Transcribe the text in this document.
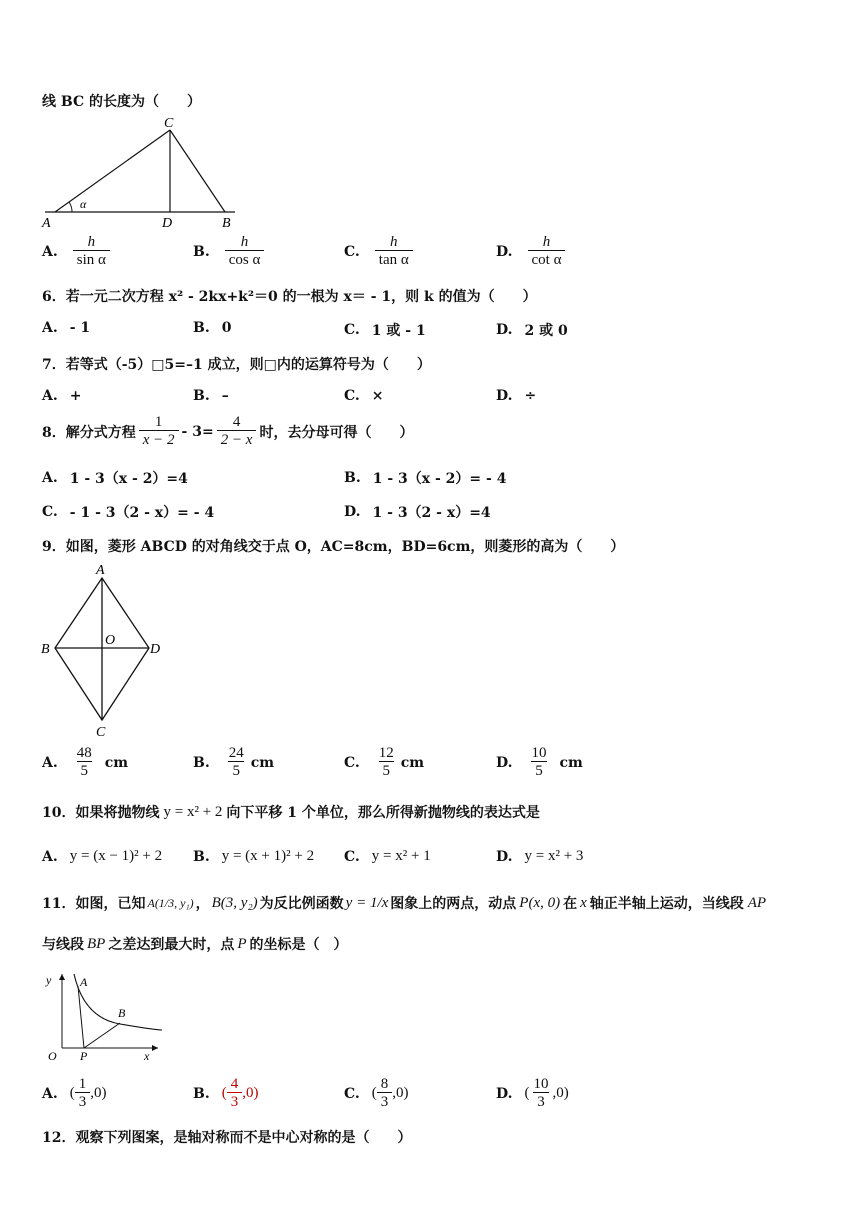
线 BC 的长度为（　　）
C
A	D	B
α
A. $\frac{h}{\text{sin α}}$	B. $\frac{h}{\text{cos α}}$	C. $\frac{h}{\text{tan α}}$	D. $\frac{h}{\text{cot α}}$
6．若一元二次方程 x² - 2kx+k²＝0 的一根为 x＝ - 1，则 k 的值为（　　）
A. - 1	B. 0	C. 1 或 - 1	D. 2 或 0
7．若等式（-5）□5=–1 成立，则□内的运算符号为（　　）
A. +	B. –	C. ×	D. ÷
8．解分式方程 $\frac{1}{x - 2} - 3= \frac{4}{2 - x}$ 时，去分母可得（　　）
A. 1 - 3（x - 2）=4	B. 1 - 3（x - 2）= - 4
C. - 1 - 3（2 - x）= - 4	D. 1 - 3（2 - x）=4
9．如图，菱形 ABCD 的对角线交于点 O，AC=8cm，BD=6cm，则菱形的高为（　　）
A
B
O
D
C
A. $\frac{48}{5}$ cm	B. $\frac{24}{5}$ cm	C. $\frac{12}{5}$ cm	D. $\frac{10}{5}$ cm
10．如果将抛物线 y = x² + 2 向下平移 1 个单位，那么所得新抛物线的表达式是
A. y = (x − 1)² + 2 B. y = (x + 1)² + 2 C. y = x² + 1	D. y = x² + 3
11．如图，已知 A(1/3, y₁) ， B(3, y₂) 为反比例函数 y = 1/x 图象上的两点，动点 P(x, 0) 在 x 轴正半轴上运动，当线段 AP
与线段 BP 之差达到最大时，点 P 的坐标是（　）
y A
B
O P	x
A. ( $\frac{1}{3} ,0$)	B. ( $\frac{4}{3} ,0$)	C. ( $\frac{8}{3} ,0$)	D. ( $\frac{10}{3} ,0$)
12．观察下列图案，是轴对称而不是中心对称的是（　　）
